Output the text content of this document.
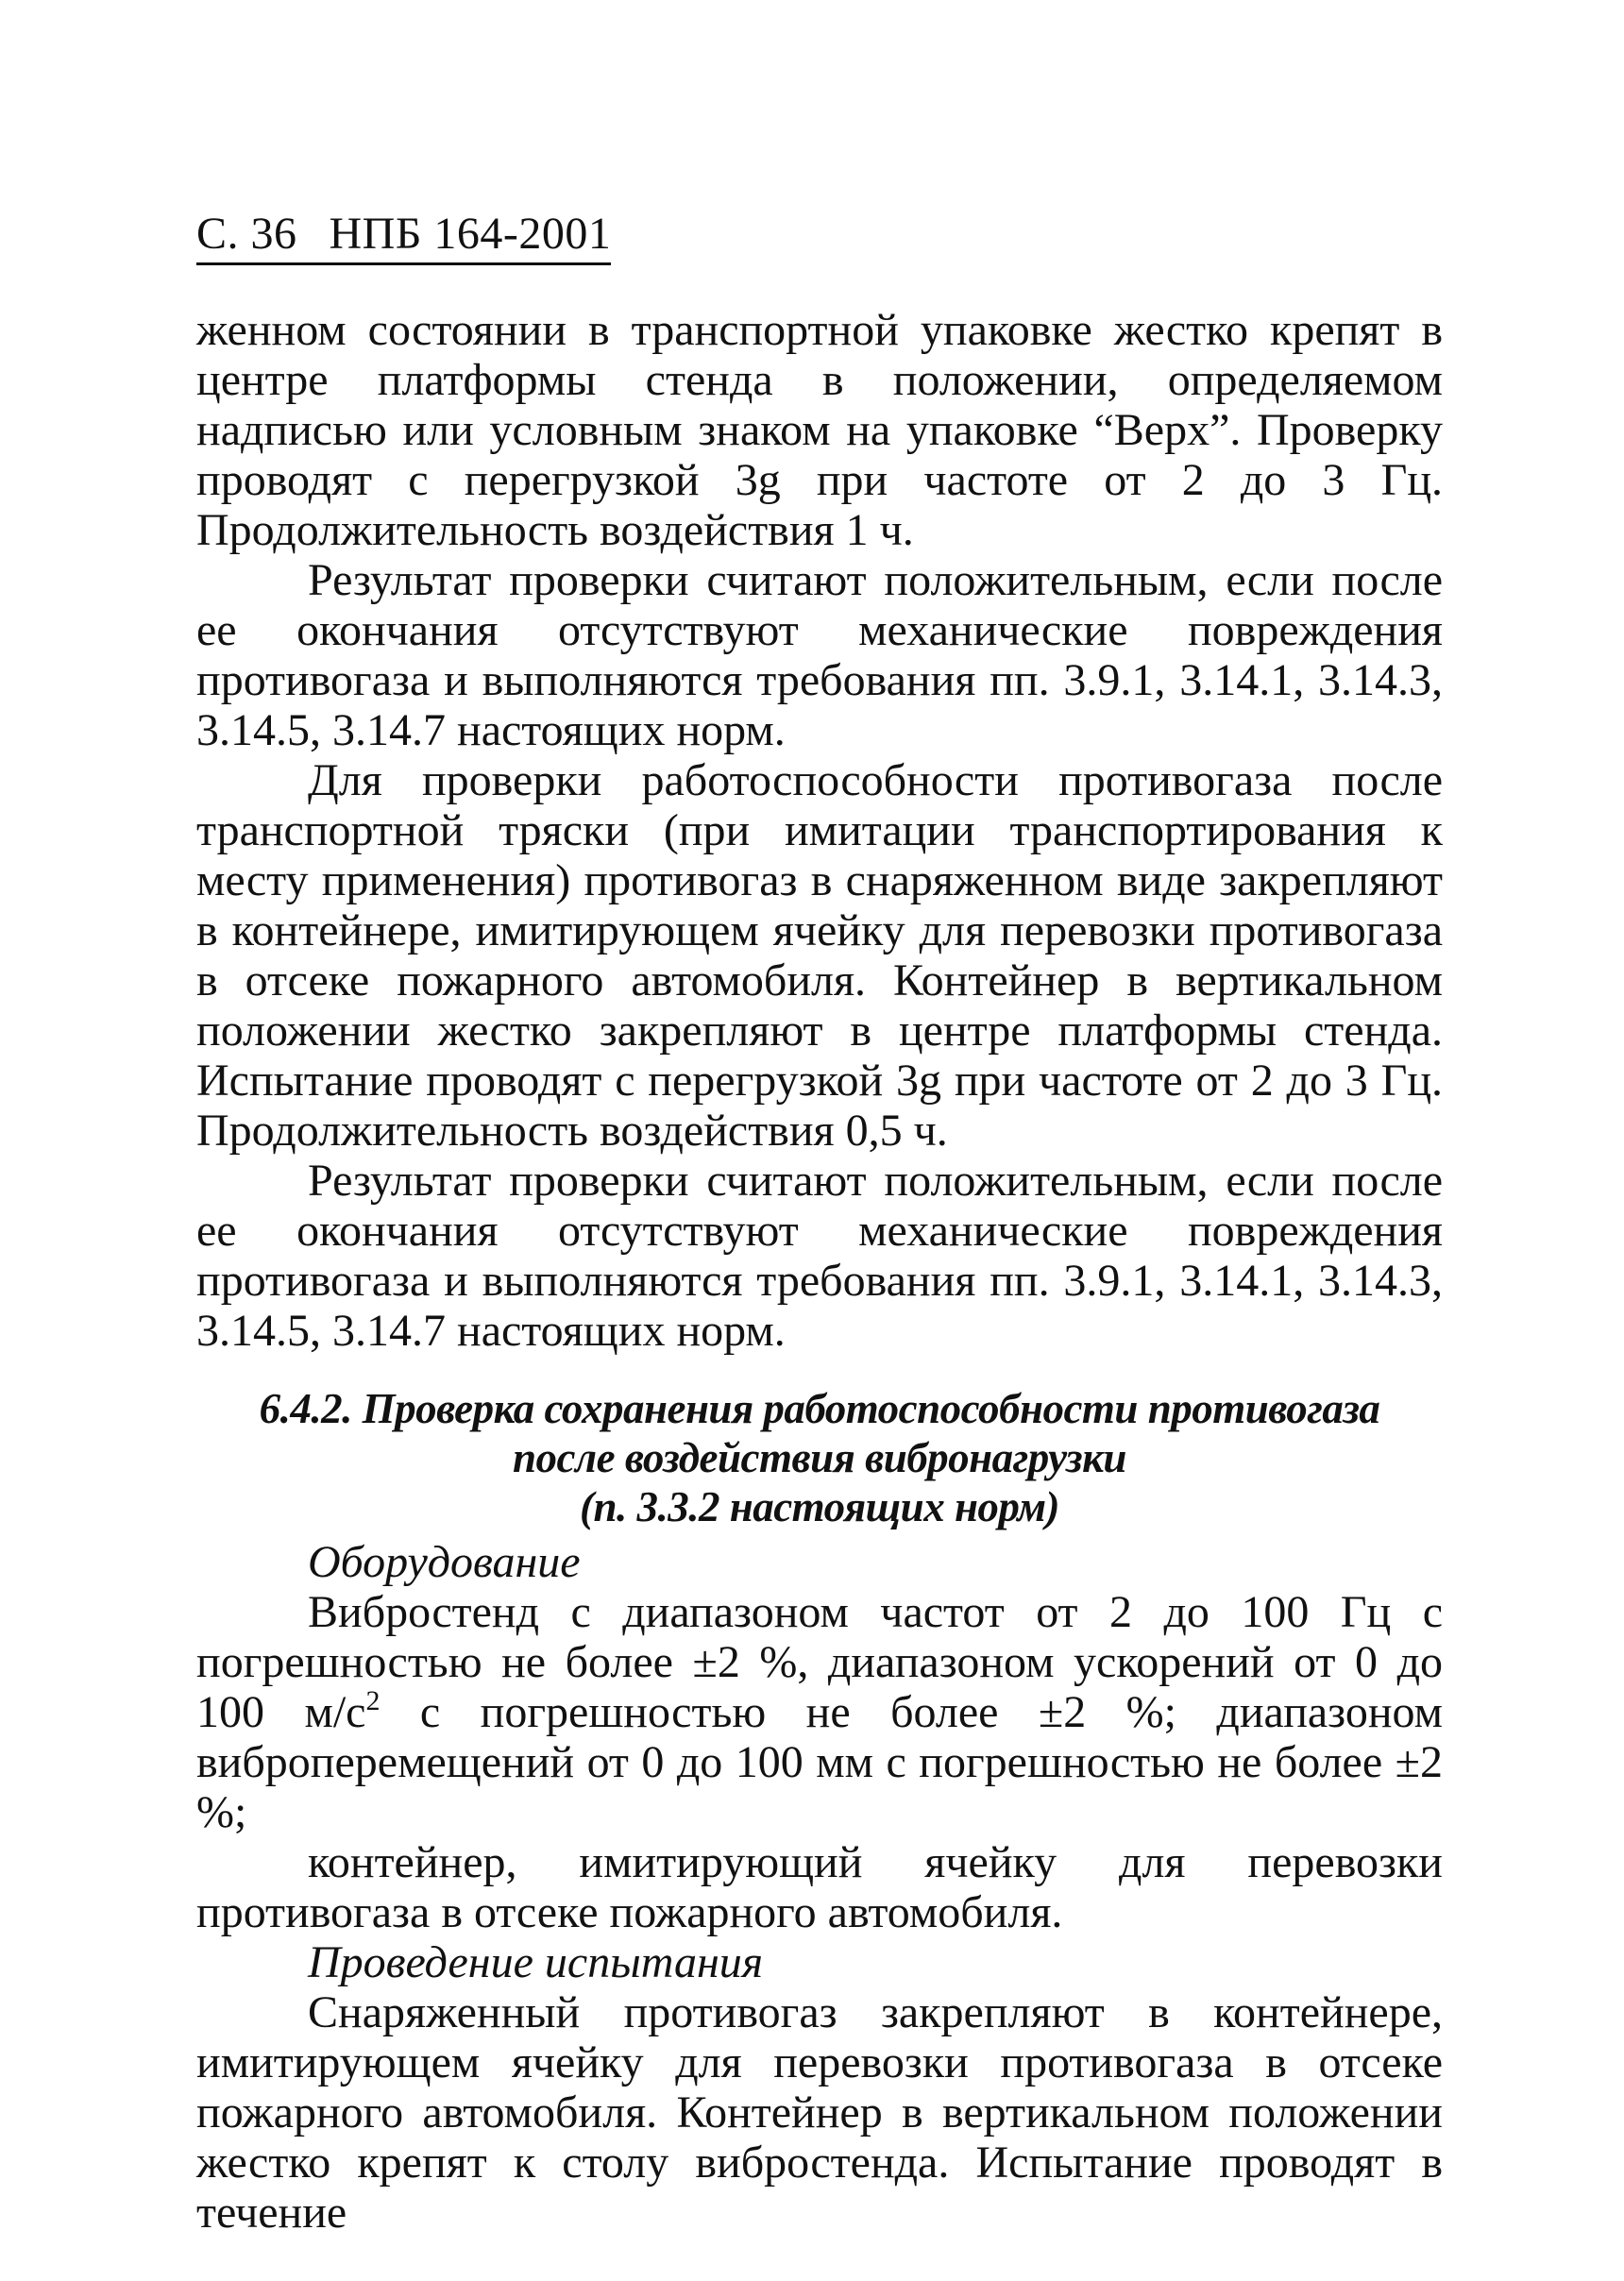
С. 36 НПБ 164-2001

женном состоянии в транспортной упаковке жестко крепят в центре платформы стенда в положении, определяемом надписью или условным знаком на упаковке “Верх”. Проверку проводят с перегрузкой 3g при частоте от 2 до 3 Гц. Продолжительность воздействия 1 ч.

Результат проверки считают положительным, если после ее окончания отсутствуют механические повреждения противогаза и выполняются требования пп. 3.9.1, 3.14.1, 3.14.3, 3.14.5, 3.14.7 настоящих норм.

Для проверки работоспособности противогаза после транспортной тряски (при имитации транспортирования к месту применения) противогаз в снаряженном виде закрепляют в контейнере, имитирующем ячейку для перевозки противогаза в отсеке пожарного автомобиля. Контейнер в вертикальном положении жестко закрепляют в центре платформы стенда. Испытание проводят с перегрузкой 3g при частоте от 2 до 3 Гц. Продолжительность воздействия 0,5 ч.

Результат проверки считают положительным, если после ее окончания отсутствуют механические повреждения противогаза и выполняются требования пп. 3.9.1, 3.14.1, 3.14.3, 3.14.5, 3.14.7 настоящих норм.

6.4.2. Проверка сохранения работоспособности противогаза
после воздействия вибронагрузки
(п. 3.3.2 настоящих норм)

Оборудование

Вибростенд с диапазоном частот от 2 до 100 Гц с погрешностью не более ±2 %, диапазоном ускорений от 0 до 100 $м/с^2$ с погрешностью не более ±2 %; диапазоном виброперемещений от 0 до 100 мм с погрешностью не более ±2 %;

контейнер, имитирующий ячейку для перевозки противогаза в отсеке пожарного автомобиля.

Проведение испытания

Снаряженный противогаз закрепляют в контейнере, имитирующем ячейку для перевозки противогаза в отсеке пожарного автомобиля. Контейнер в вертикальном положении жестко крепят к столу вибростенда. Испытание проводят в течение
